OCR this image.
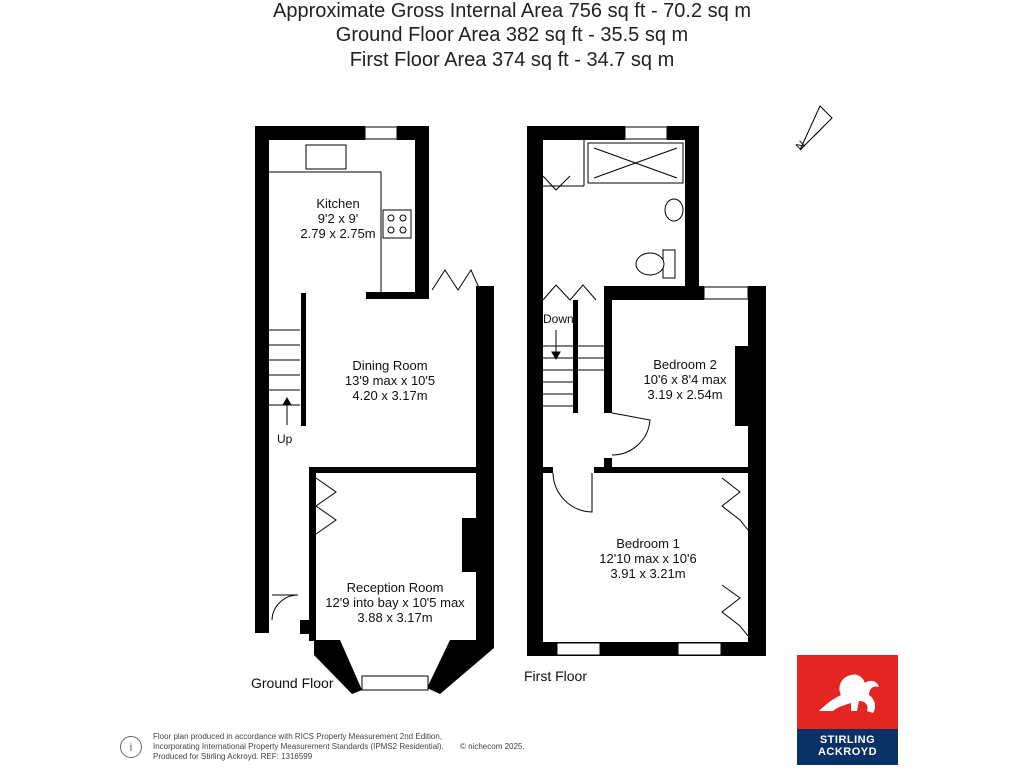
Approximate Gross Internal Area 756 sq ft - 70.2 sq m
Ground Floor Area 382 sq ft - 35.5 sq m
First Floor Area 374 sq ft - 34.7 sq m
N
Kitchen
9'2 x 9'
2.79 x 2.75m
Dining Room
13'9 max x 10'5
4.20 x 3.17m
Reception Room
12'9 into bay x 10'5 max
3.88 x 3.17m
Bedroom 2
10'6 x 8'4 max
3.19 x 2.54m
Bedroom 1
12'10 max x 10'6
3.91 x 3.21m
Up
Down
Ground Floor	First Floor
i
Floor plan produced in accordance with RICS Property Measurement 2nd Edition,
Incorporating International Property Measurement Standards (IPMS2 Residential).
Produced for Stirling Ackroyd. REF: 1316599
© nichecom 2025.
STIRLING
ACKROYD
